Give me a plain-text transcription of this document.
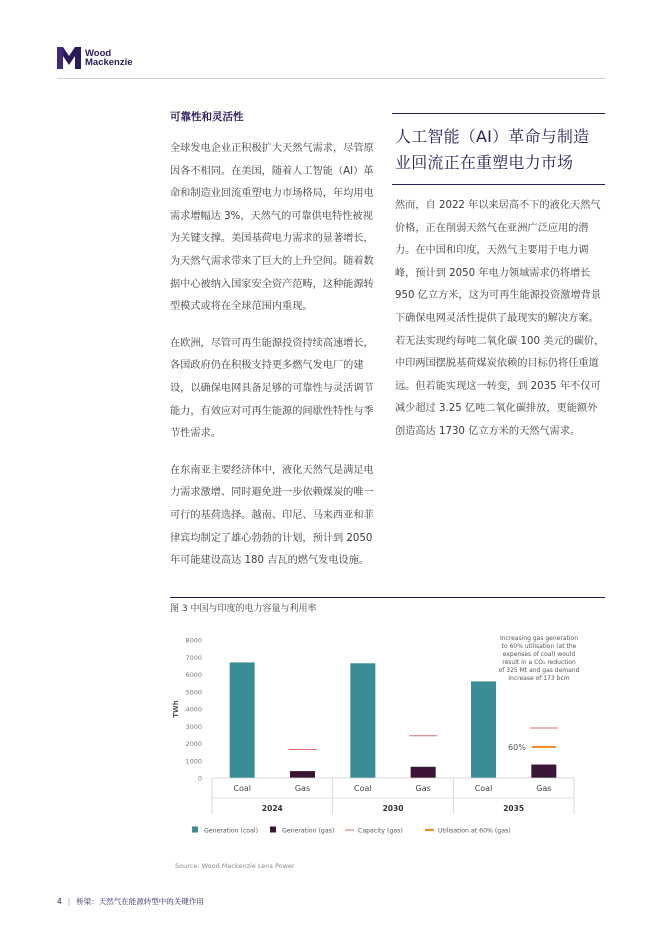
Wood
Mackenzie
可靠性和灵活性

全球发电企业正积极扩大天然气需求，尽管原因各不相同。在美国，随着人工智能（AI）革命和制造业回流重塑电力市场格局，年均用电需求增幅达 3%，天然气的可靠供电特性被视为关键支撑。美国基荷电力需求的显著增长，为天然气需求带来了巨大的上升空间。随着数据中心被纳入国家安全资产范畴，这种能源转型模式或将在全球范围内重现。

在欧洲，尽管可再生能源投资持续高速增长，各国政府仍在积极支持更多燃气发电厂的建设，以确保电网具备足够的可靠性与灵活调节能力，有效应对可再生能源的间歇性特性与季节性需求。

在东南亚主要经济体中，液化天然气是满足电力需求激增、同时避免进一步依赖煤炭的唯一可行的基荷选择。越南、印尼、马来西亚和菲律宾均制定了雄心勃勃的计划，预计到 2050 年可能建设高达 180 吉瓦的燃气发电设施。

人工智能（AI）革命与制造业回流正在重塑电力市场
然而，自 2022 年以来居高不下的液化天然气价格，正在削弱天然气在亚洲广泛应用的潜力。在中国和印度，天然气主要用于电力调峰，预计到 2050 年电力领域需求仍将增长 950 亿立方米，这为可再生能源投资激增背景下确保电网灵活性提供了最现实的解决方案。若无法实现约每吨二氧化碳 100 美元的碳价，中印两国摆脱基荷煤炭依赖的目标仍将任重道远。但若能实现这一转变，到 2035 年不仅可减少超过 3.25 亿吨二氧化碳排放，更能额外创造高达 1730 亿立方米的天然气需求。
图 3 中国与印度的电力容量与利用率
0
1000
2000
3000
4000
5000
6000
7000
8000
TWh
Coal	Gas
2024
Coal	Gas
2030
Coal	Gas
2035
60%
Increasing gas generation
to 60% utilisation (at the
expenses of coal) would
result in a CO₂ reduction
of 325 Mt and gas demand
increase of 173 bcm
Generation (coal)	Generation (gas)	Capacity (gas)	Utilisation at 60% (gas)
Source: Wood Mackenzie Lens Power
4 | 桥梁：天然气在能源转型中的关键作用
